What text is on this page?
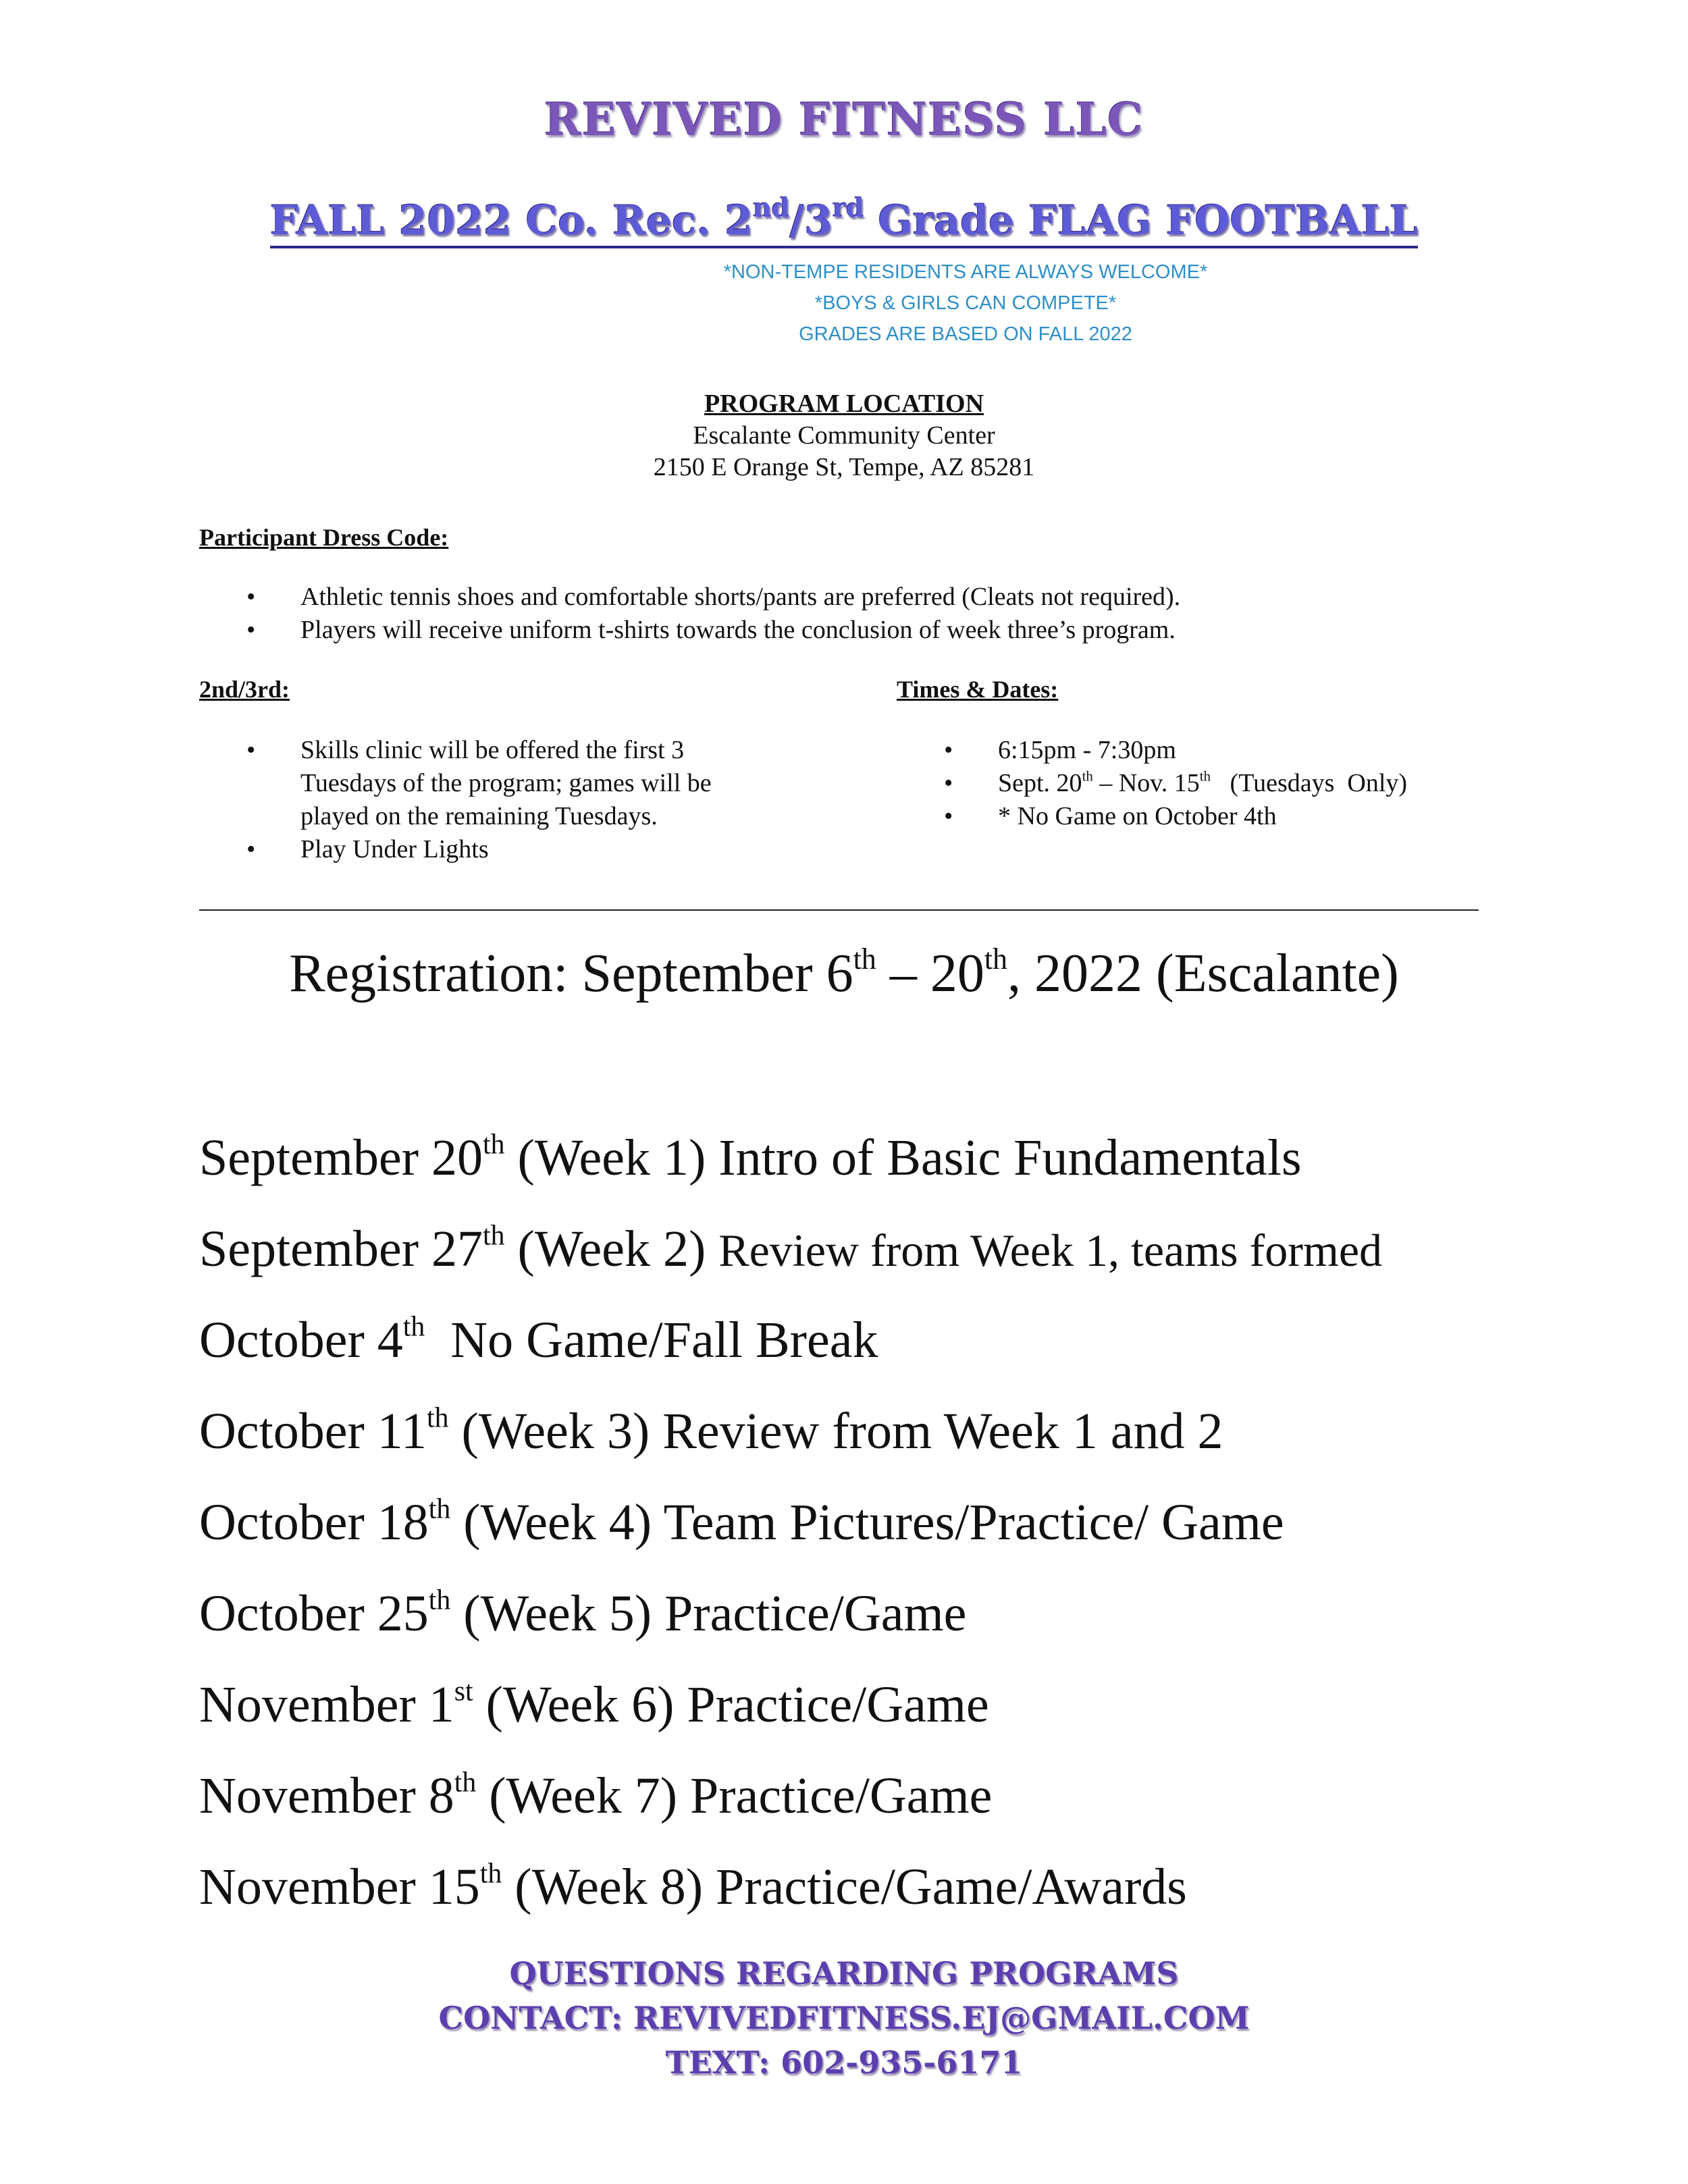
REVIVED FITNESS LLC
FALL 2022 Co. Rec. 2nd/3rd Grade FLAG FOOTBALL
*NON-TEMPE RESIDENTS ARE ALWAYS WELCOME*
*BOYS & GIRLS CAN COMPETE*
GRADES ARE BASED ON FALL 2022
PROGRAM LOCATION
Escalante Community Center
2150 E Orange St, Tempe, AZ 85281
Participant Dress Code:
• Athletic tennis shoes and comfortable shorts/pants are preferred (Cleats not required).
• Players will receive uniform t-shirts towards the conclusion of week three’s program.
2nd/3rd:
• Skills clinic will be offered the first 3 Tuesdays of the program; games will be played on the remaining Tuesdays.
• Play Under Lights
Times & Dates:
• 6:15pm - 7:30pm
• Sept. 20th – Nov. 15th   (Tuesdays  Only)
• * No Game on October 4th
Registration: September 6th – 20th, 2022 (Escalante)
September 20th (Week 1) Intro of Basic Fundamentals
September 27th (Week 2) Review from Week 1, teams formed
October 4th  No Game/Fall Break
October 11th (Week 3) Review from Week 1 and 2
October 18th (Week 4) Team Pictures/Practice/ Game
October 25th (Week 5) Practice/Game
November 1st (Week 6) Practice/Game
November 8th (Week 7) Practice/Game
November 15th (Week 8) Practice/Game/Awards
QUESTIONS REGARDING PROGRAMS
CONTACT: REVIVEDFITNESS.EJ@GMAIL.COM
TEXT: 602-935-6171
